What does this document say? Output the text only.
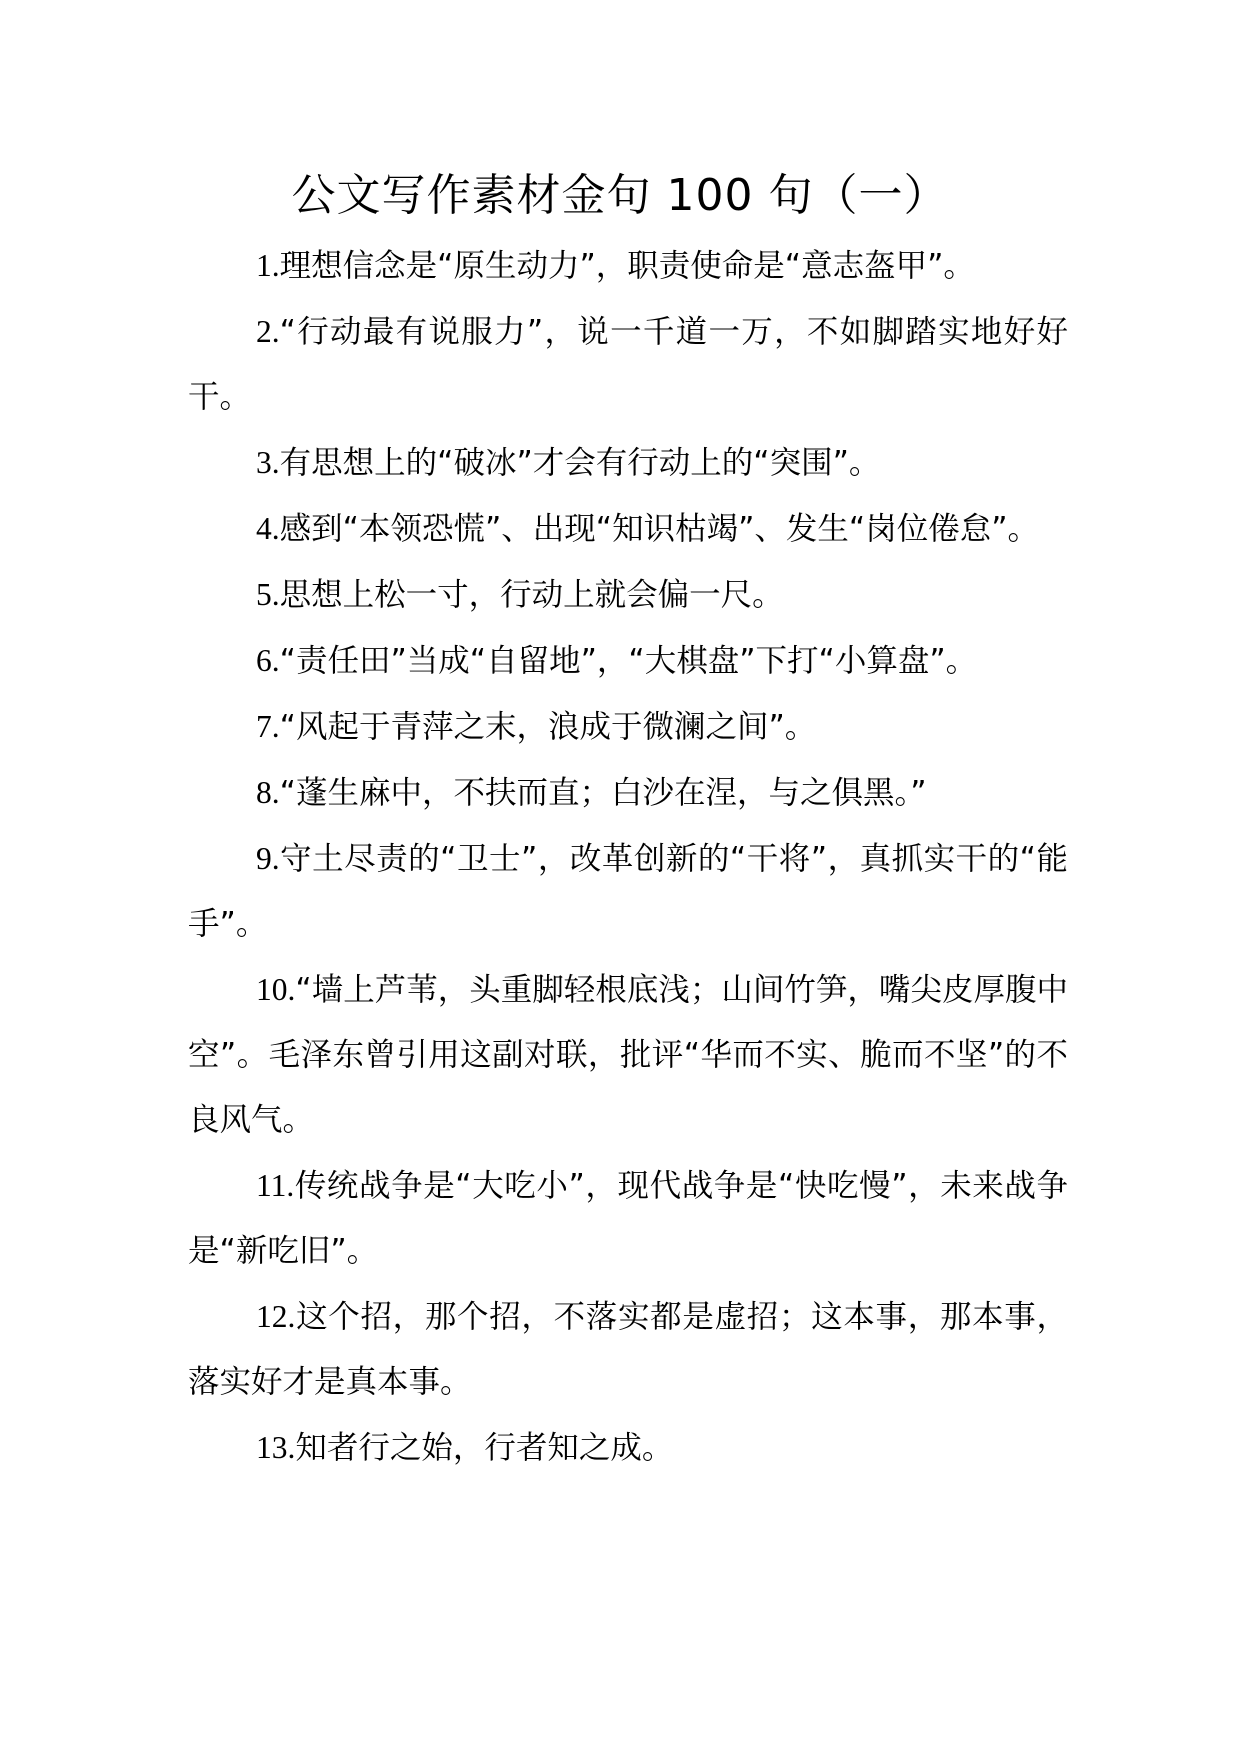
公文写作素材金句 100 句（一）

1.理想信念是“原生动力”，职责使命是“意志盔甲”。

2.“行动最有说服力”，说一千道一万，不如脚踏实地好好干。

3.有思想上的“破冰”才会有行动上的“突围”。

4.感到“本领恐慌”、出现“知识枯竭”、发生“岗位倦怠”。

5.思想上松一寸，行动上就会偏一尺。

6.“责任田”当成“自留地”，“大棋盘”下打“小算盘”。

7.“风起于青萍之末，浪成于微澜之间”。

8.“蓬生麻中，不扶而直；白沙在涅，与之俱黑。”

9.守土尽责的“卫士”，改革创新的“干将”，真抓实干的“能手”。

10.“墙上芦苇，头重脚轻根底浅；山间竹笋，嘴尖皮厚腹中空”。毛泽东曾引用这副对联，批评“华而不实、脆而不坚”的不良风气。

11.传统战争是“大吃小”，现代战争是“快吃慢”，未来战争是“新吃旧”。

12.这个招，那个招，不落实都是虚招；这本事，那本事，落实好才是真本事。

13.知者行之始，行者知之成。
